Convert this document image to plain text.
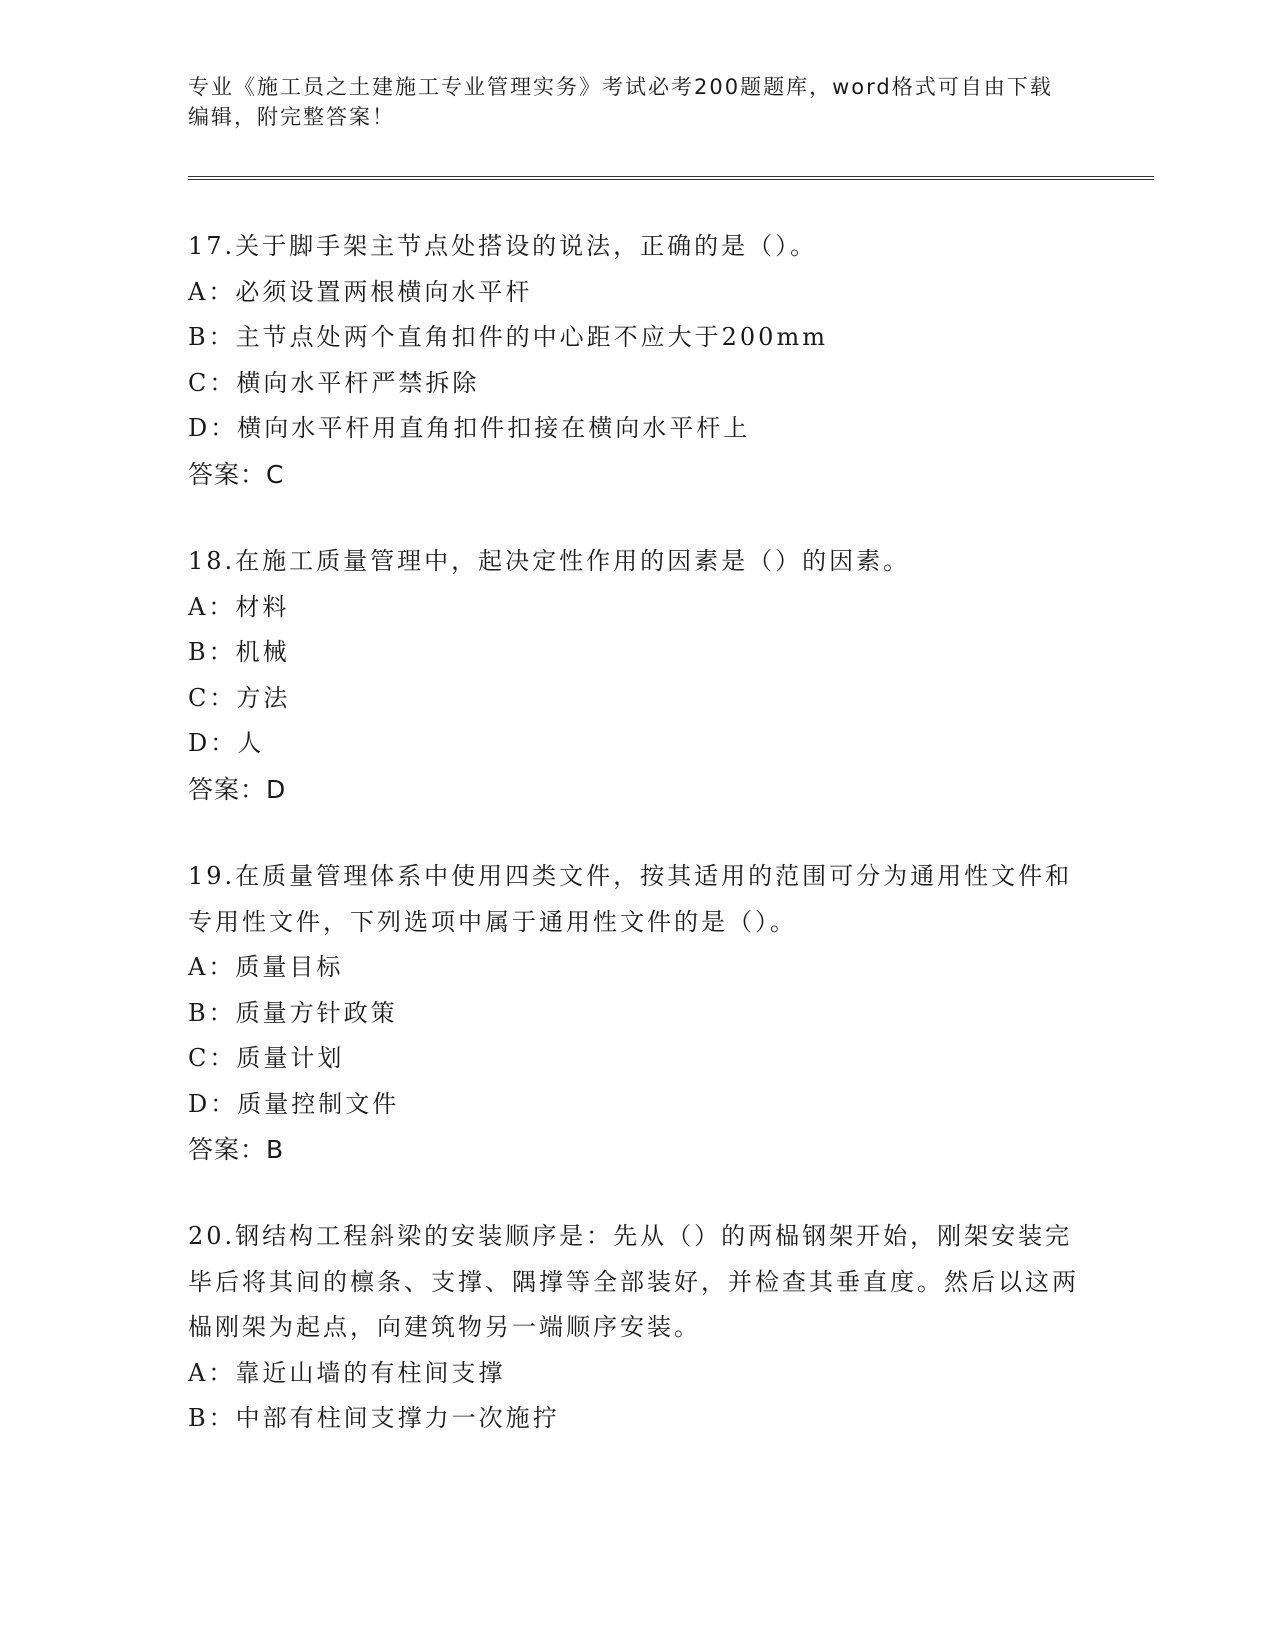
专业《施工员之土建施工专业管理实务》考试必考200题题库，word格式可自由下载编辑，附完整答案！
17.关于脚手架主节点处搭设的说法，正确的是（）。
A：必须设置两根横向水平杆
B：主节点处两个直角扣件的中心距不应大于200mm
C：横向水平杆严禁拆除
D：横向水平杆用直角扣件扣接在横向水平杆上
答案：C
18.在施工质量管理中，起决定性作用的因素是（）的因素。
A：材料
B：机械
C：方法
D：人
答案：D
19.在质量管理体系中使用四类文件，按其适用的范围可分为通用性文件和专用性文件，下列选项中属于通用性文件的是（）。
A：质量目标
B：质量方针政策
C：质量计划
D：质量控制文件
答案：B
20.钢结构工程斜梁的安装顺序是：先从（）的两榀钢架开始，刚架安装完毕后将其间的檩条、支撑、隅撑等全部装好，并检查其垂直度。然后以这两榀刚架为起点，向建筑物另一端顺序安装。
A：靠近山墙的有柱间支撑
B：中部有柱间支撑力一次施拧
